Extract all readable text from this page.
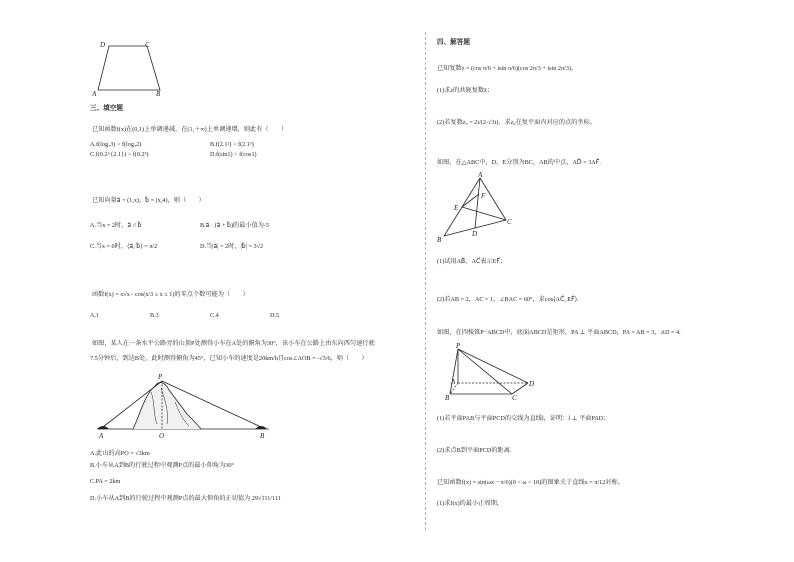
D	C
A	B
三、填空题
已知函数f(x)在(0,1)上单调递减，在(1,＋∞)上单调递增，则此有（　　）
A.f(log₂3) > f(log₃2)	B.f(2.1²) > f(2.1³)
C.f(0.2^{2.1}) > f(0.2³)	D.f(sin1) > f(cos1)
已知向量a⃗ = (1,x)，b⃗ = (x,4)，则（　　）
A.当x = 2时，a⃗ // b⃗	B.a⃗ · (a⃗ + b⃗)的最小值为-5
C.当x = 0时，⟨a⃗, b⃗⟩ = π/2	D.当|a⃗| = 2时，|b⃗| = 3√2
函数f(x) = x√x - cos(x/3 ≤ x ≤ 1)的零点个数可能为（　　）
A.1	B.3	C.4	D.5
如图，某人在一条水平公路旁的山顶P处测得小车在A处的俯角为30°，该小车在公路上由东向西匀速行驶
7.5分钟后，到达B处，此时测得俯角为45°，已知小车的速度是20km/h且cos∠AOB = -√3/6，则（　　）
P
A	O	B
A.此山的高PO = √3km
B.小车从A到B的行驶过程中观测P点的最小仰角为30°
C.PA = 2km
D.小车从A到B的行驶过程中观测P点的最大仰角的正切值为 29√111/111
四、解答题
已知复数z = (cos π/6 + isin π/6)(cos 2π/3 + isin 2π/3)，
(1)求z的共轭复数z̄；
(2)若复数z₀ = 2i/(2-√3i)，求z₀在复平面内对应的点的坐标。
如图，在△ABC中，D，E分别为BC，AB的中点，AD⃗ = 3AF⃗.
A
F
E
C
D
B
(1)试用AB⃗，AC⃗表示EF⃗；
(2)若AB = 2，AC = 1，∠BAC = 60°，求cos⟨AC⃗, EF⃗⟩.
如图，在四棱锥P−ABCD中，底面ABCD是矩形，PA ⊥ 平面ABCD，PA = AB = 3，AD = 4.
P
A	D
B	C
(1)若平面PAB与平面PCD的交线为直线l，证明：l ⊥ 平面PAD；
(2)求点B到平面PCD的距离.
已知函数f(x) = sin(ωx − π/6)(0 < ω < 10)的图象关于直线x = π/12对称。
(1)求f(x)的最小正周期，
